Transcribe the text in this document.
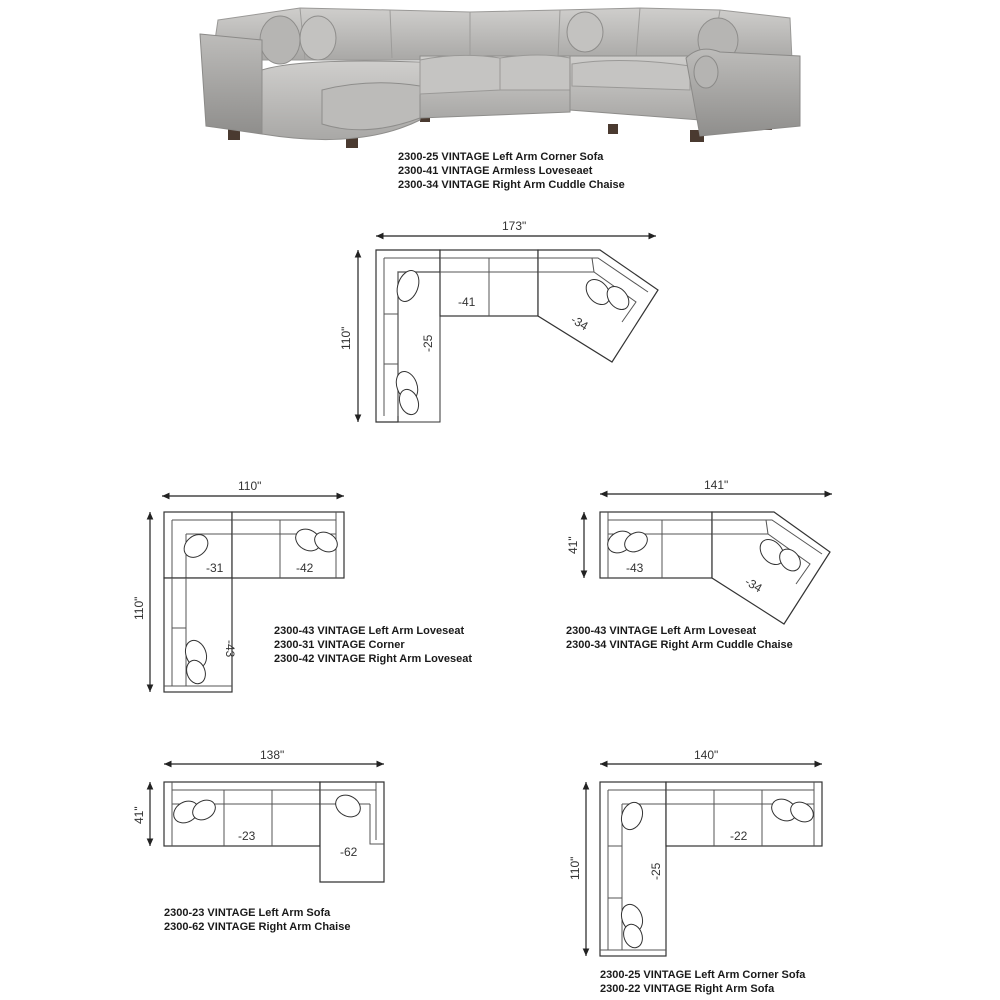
173"
110"
-41
-25
-34
110"
110"
-31	-42
-43
141"
41"
-43
-34
138"
41"
-23
-62
140"
110"	-25
-22
2300-25 VINTAGE Left Arm Corner Sofa
2300-41 VINTAGE Armless Loveseaet
2300-34 VINTAGE Right Arm Cuddle Chaise
2300-43 VINTAGE Left Arm Loveseat
2300-31 VINTAGE Corner
2300-42 VINTAGE Right Arm Loveseat
2300-43 VINTAGE Left Arm Loveseat
2300-34 VINTAGE Right Arm Cuddle Chaise
2300-23 VINTAGE Left Arm Sofa
2300-62 VINTAGE Right Arm Chaise
2300-25 VINTAGE Left Arm Corner Sofa
2300-22 VINTAGE Right Arm Sofa
